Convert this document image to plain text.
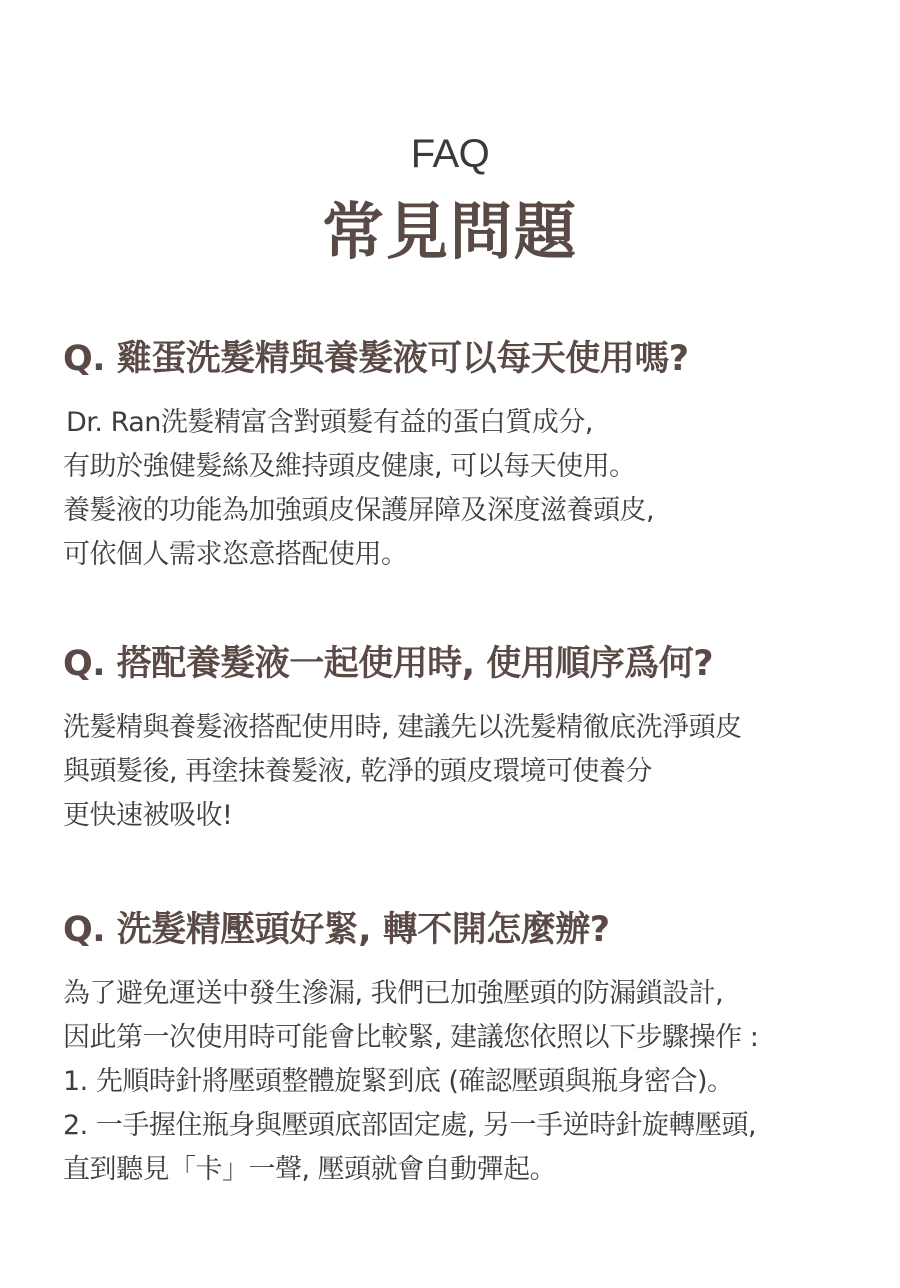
FAQ
常見問題
Q. 雞蛋洗髮精與養髮液可以每天使用嗎?
Dr. Ran洗髮精富含對頭髮有益的蛋白質成分,
有助於強健髮絲及維持頭皮健康, 可以每天使用。
養髮液的功能為加強頭皮保護屏障及深度滋養頭皮,
可依個人需求恣意搭配使用。
Q. 搭配養髮液一起使用時, 使用順序爲何?
洗髮精與養髮液搭配使用時, 建議先以洗髮精徹底洗淨頭皮
與頭髮後, 再塗抹養髮液, 乾淨的頭皮環境可使養分
更快速被吸收!
Q. 洗髮精壓頭好緊, 轉不開怎麼辦?
為了避免運送中發生滲漏, 我們已加強壓頭的防漏鎖設計,
因此第一次使用時可能會比較緊, 建議您依照以下步驟操作 :
1. 先順時針將壓頭整體旋緊到底 (確認壓頭與瓶身密合)。
2. 一手握住瓶身與壓頭底部固定處, 另一手逆時針旋轉壓頭,
直到聽見「卡」一聲, 壓頭就會自動彈起。
